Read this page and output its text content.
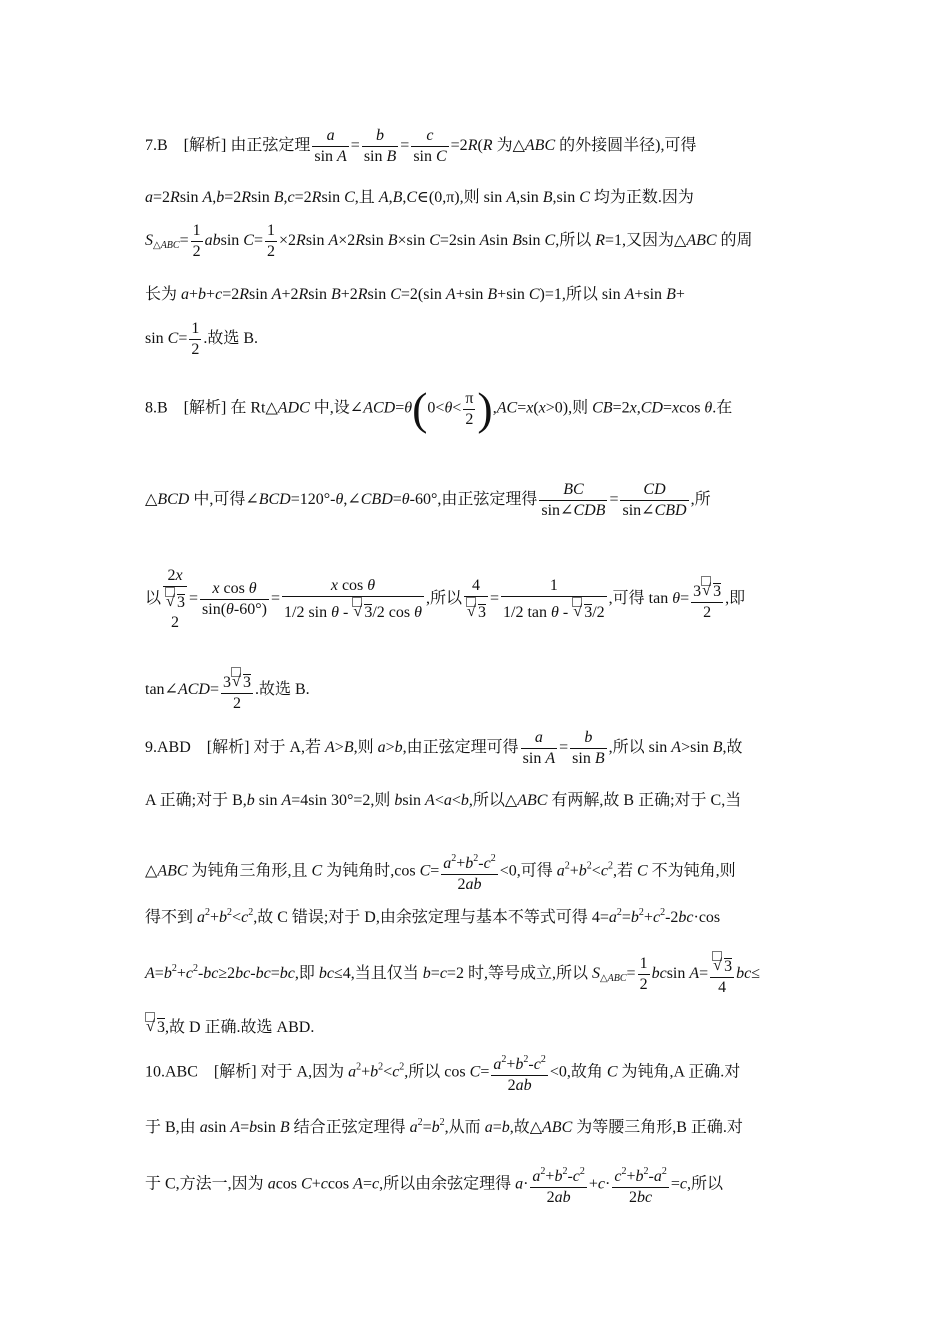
7.B　[解析] 由正弦定理 $\frac{a}{\text{sin A}} = \frac{b}{\text{sin B}} = \frac{c}{\text{sin C}} =2R(R$ 为△ABC 的外接圆半径),可得
a=2Rsin A,b=2Rsin B,c=2Rsin C,且 A,B,C∈(0,π),则 sin A,sin B,sin C 均为正数.因为
$S_{\triangle ABC}= \frac{1}{2}$ absin $C= \frac{1}{2} \times 2Rsin$ A×2Rsin B×sin C=2sin Asin Bsin C,所以 R=1,又因为△ABC 的周
长为 a+b+c=2Rsin A+2Rsin B+2Rsin C=2(sin A+sin B+sin C)=1,所以 sin A+sin B+
$\sin C= \frac{1}{2}$ .故选 B.
8.B　[解析] 在 Rt△ADC 中,设∠ACD=θ(0<θ< $\frac{\pi}{2} ),AC=x(x>0)$,则 CB=2x,CD=xcos θ.在
△BCD 中,可得∠BCD=120°-θ,∠CBD=θ-60°,由正弦定理得
BC
sin∠CDB
=
CD
sin∠CBD
,所
以
2x
√ 3
2
= $\frac{\text{x cos θ}}{\sin(\theta-60^\circ)} = \frac{\text{x cos θ}}{\text{1/2 sin θ - √ 3/2 cos θ}}$ ,所以 4
√ $3 = \frac{1}{\text{1/2 tan θ - √ 3/2}}$ ,可得 $\tan \theta= \frac{3 √ 3}{2}$ ,即
tan∠ACD= $\frac{3 √ 3}{2}$ .故选 B.
9.ABD　[解析] 对于 A,若 A>B,则 a>b,由正弦定理可得 $\frac{a}{\text{sin A}} = \frac{b}{\text{sin B}}$ ,所以 sin A>sin B,故
A 正确;对于 B,b sin A=4sin 30°=2,则 bsin A<a<b,所以△ABC 有两解,故 B 正确;对于 C,当
△ABC 为钝角三角形,且 C 为钝角时,cos $C= \frac{a^2+b^2-c^2}{2ab} <0$,可得 $a^2+b^2<c^2$,若 C 不为钝角,则
得不到 $a^2+b^2<c^2$,故 C 错误;对于 D,由余弦定理与基本不等式可得 $4=a^2=b^2+c^2-2bc\cdot\cos$
$A=b^2+c^2-bc\ge 2bc-bc=bc$,即 bc≤4,当且仅当 b=c=2 时,等号成立,所以 $S_{\triangle ABC}= \frac{1}{2}$ bcsin A= √ $\frac{3}{4} bc\le$
√ 3,故 D 正确.故选 ABD.
10.ABC　[解析] 对于 A,因为 $a^2+b^2<c^2$,所以 $\cos C= \frac{a^2+b^2-c^2}{2ab} <0$,故角 C 为钝角,A 正确.对
于 B,由 asin A=bsin B 结合正弦定理得 $a^2=b^2$,从而 a=b,故△ABC 为等腰三角形,B 正确.对
于 C,方法一,因为 acos C+ccos A=c,所以由余弦定理得 $a\cdot \frac{a^2+b^2-c^2}{2ab} +c\cdot \frac{c^2+b^2-a^2}{2bc} =c$,所以
